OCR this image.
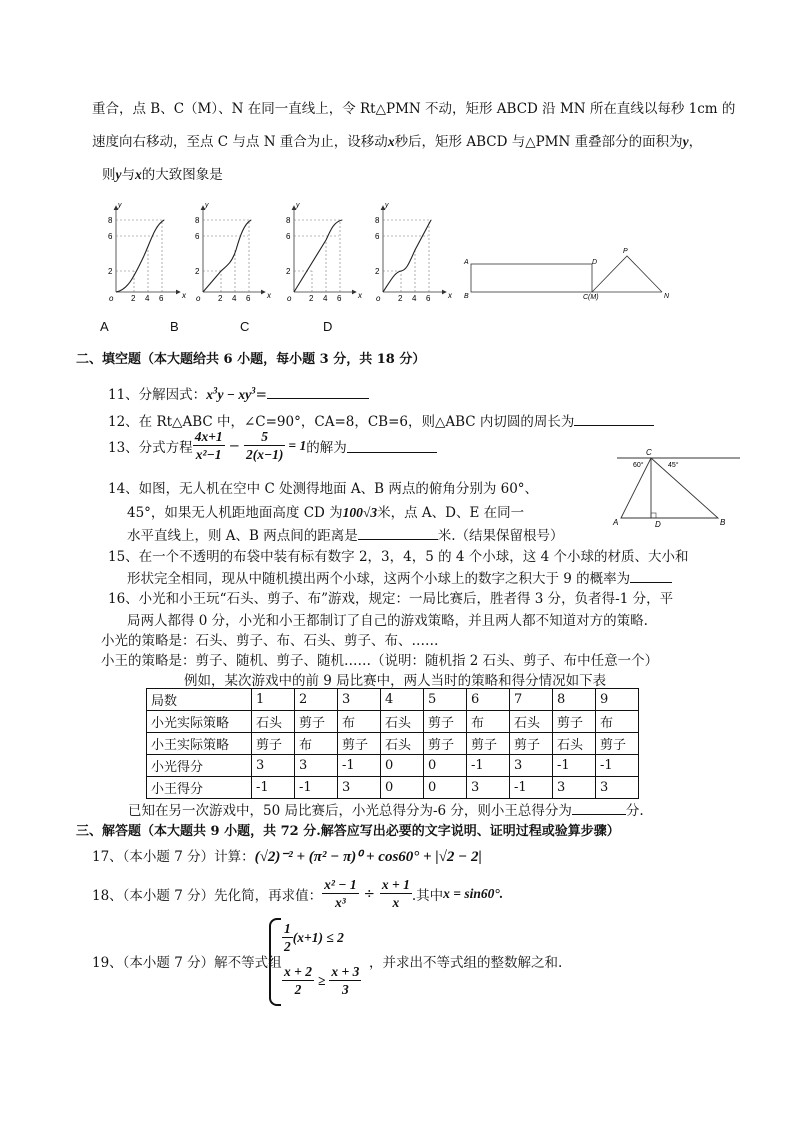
重合，点 B、C（M）、N 在同一直线上，令 Rt△PMN 不动，矩形 ABCD 沿 MN 所在直线以每秒 1cm 的
速度向右移动，至点 C 与点 N 重合为止，设移动x秒后，矩形 ABCD 与△PMN 重叠部分的面积为y，
则y与x的大致图象是
8
6
2
2 4 6
o	x
y
8
6
2
2 4 6
o	x
y
8
6
2
2 4 6
o	x
y
8
6
2
2 4 6
o	x
y
A
B
D
C(M)
P
N
A	B	C	D
二、填空题（本大题给共 6 小题，每小题 3 分，共 18 分）
11、分解因式：$x^3y - xy^3=$
12、在 Rt△ABC 中，∠C=90°，CA=8，CB=6，则△ABC 内切圆的周长为
13、分式方程 $\frac{4x+1}{\text{x²−1}} - \frac{5}{2(x-1)} = 1$ 的解为
14、如图，无人机在空中 C 处测得地面 A、B 两点的俯角分别为 60°、
45°，如果无人机距地面高度 CD 为100√3米，点 A、D、E 在同一
水平直线上，则 A、B 两点间的距离是	米.（结果保留根号）
C
A	D	B
60°	45°
15、在一个不透明的布袋中装有标有数字 2，3，4，5 的 4 个小球，这 4 个小球的材质、大小和
形状完全相同，现从中随机摸出两个小球，这两个小球上的数字之积大于 9 的概率为
16、小光和小王玩“石头、剪子、布”游戏，规定：一局比赛后，胜者得 3 分，负者得-1 分，平
局两人都得 0 分，小光和小王都制订了自己的游戏策略，并且两人都不知道对方的策略.
小光的策略是：石头、剪子、布、石头、剪子、布、……
小王的策略是：剪子、随机、剪子、随机……（说明：随机指 2 石头、剪子、布中任意一个）
例如，某次游戏中的前 9 局比赛中，两人当时的策略和得分情况如下表
局数	1	2	3	4	5	6	7	8	9
小光实际策略	石头	剪子	布	石头	剪子	布	石头	剪子	布
小王实际策略	剪子	布	剪子	石头	剪子	剪子	剪子	石头	剪子
小光得分	3	3	-1	0	0	-1	3	-1	-1
小王得分	-1	-1	3	0	0	3	-1	3	3
已知在另一次游戏中，50 局比赛后，小光总得分为-6 分，则小王总得分为	分.
三、解答题（本大题共 9 小题，共 72 分.解答应写出必要的文字说明、证明过程或验算步骤）
17、（本小题 7 分）计算：(√2)⁻² + (π² − π)⁰ + cos60° + |√2 − 2|
18、（本小题 7 分）先化简，再求值： $\frac{\text{x² − 1}}{\text{x³}} \div \frac{x + 1}{x}$ .其中 x = sin60°.
19、（本小题 7 分）解不等式组
$\frac{1}{2} (x+1) \le 2$
$\frac{x + 2}{2} \ge \frac{x + 3}{3}$ ，并求出不等式组的整数解之和.
